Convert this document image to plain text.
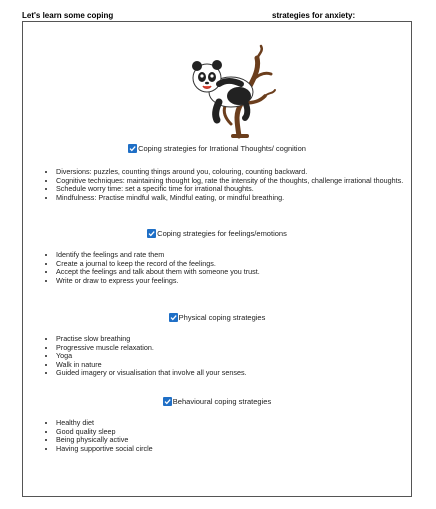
Let's learn some coping	strategies for anxiety:
Coping strategies for Irrational Thoughts/ cognition
• Diversions: puzzles, counting things around you, colouring, counting backward.
• Cognitive techniques: maintaining thought log, rate the intensity of the thoughts, challenge irrational thoughts.
• Schedule worry time: set a specific time for irrational thoughts.
• Mindfulness: Practise mindful walk, Mindful eating, or mindful breathing.
Coping strategies for feelings/emotions
• Identify the feelings and rate them
• Create a journal to keep the record of the feelings.
• Accept the feelings and talk about them with someone you trust.
• Write or draw to express your feelings.
Physical coping strategies
• Practise slow breathing
• Progressive muscle relaxation.
• Yoga
• Walk in nature
• Guided imagery or visualisation that involve all your senses.
Behavioural coping strategies
• Healthy diet
• Good quality sleep
• Being physically active
• Having supportive social circle
